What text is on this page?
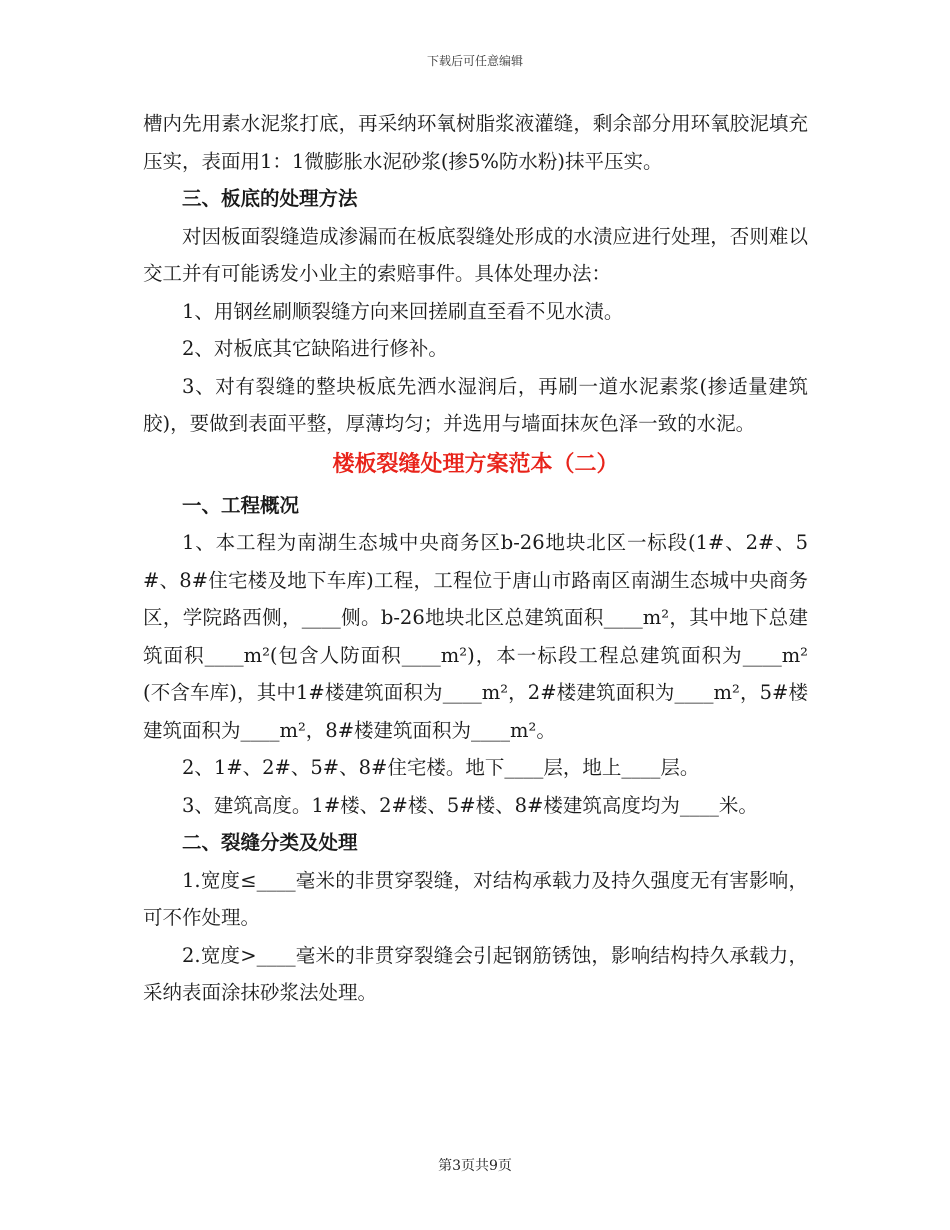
下载后可任意编辑

槽内先用素水泥浆打底，再采纳环氧树脂浆液灌缝，剩余部分用环氧胶泥填充压实，表面用1：1微膨胀水泥砂浆(掺5%防水粉)抹平压实。

三、板底的处理方法

对因板面裂缝造成渗漏而在板底裂缝处形成的水渍应进行处理，否则难以交工并有可能诱发小业主的索赔事件。具体处理办法：

1、用钢丝刷顺裂缝方向来回搓刷直至看不见水渍。

2、对板底其它缺陷进行修补。

3、对有裂缝的整块板底先洒水湿润后，再刷一道水泥素浆(掺适量建筑胶)，要做到表面平整，厚薄均匀；并选用与墙面抹灰色泽一致的水泥。

楼板裂缝处理方案范本（二）

一、工程概况

1、本工程为南湖生态城中央商务区b-26地块北区一标段(1#、2#、5#、8#住宅楼及地下车库)工程，工程位于唐山市路南区南湖生态城中央商务区，学院路西侧，____侧。b-26地块北区总建筑面积____m²，其中地下总建筑面积____m²(包含人防面积____m²)，本一标段工程总建筑面积为____m²(不含车库)，其中1#楼建筑面积为____m²，2#楼建筑面积为____m²，5#楼建筑面积为____m²，8#楼建筑面积为____m²。

2、1#、2#、5#、8#住宅楼。地下____层，地上____层。

3、建筑高度。1#楼、2#楼、5#楼、8#楼建筑高度均为____米。

二、裂缝分类及处理

1.宽度≤____毫米的非贯穿裂缝，对结构承载力及持久强度无有害影响，可不作处理。

2.宽度>____毫米的非贯穿裂缝会引起钢筋锈蚀，影响结构持久承载力，采纳表面涂抹砂浆法处理。

第3页共9页
